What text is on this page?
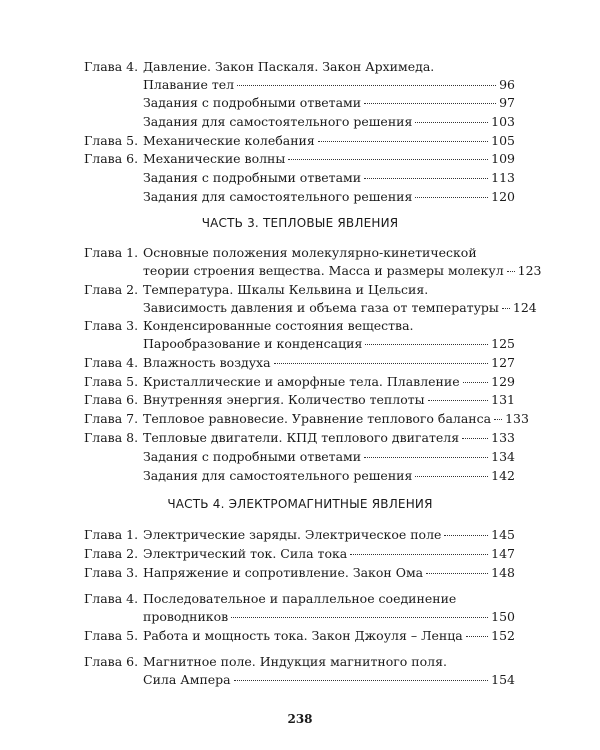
Глава 4. Давление. Закон Паскаля. Закон Архимеда.
Плавание тел	96
Задания с подробными ответами	97
Задания для самостоятельного решения	103
Глава 5. Механические колебания	105
Глава 6. Механические волны	109
Задания с подробными ответами	113
Задания для самостоятельного решения	120
ЧАСТЬ 3. ТЕПЛОВЫЕ ЯВЛЕНИЯ
Глава 1. Основные положения молекулярно-кинетической
теории строения вещества. Масса и размеры молекул 123
Глава 2. Температура. Шкалы Кельвина и Цельсия.
Зависимость давления и объема газа от температуры 124
Глава 3. Конденсированные состояния вещества.
Парообразование и конденсация	125
Глава 4. Влажность воздуха	127
Глава 5. Кристаллические и аморфные тела. Плавление	129
Глава 6. Внутренняя энергия. Количество теплоты	131
Глава 7. Тепловое равновесие. Уравнение теплового баланса 133
Глава 8. Тепловые двигатели. КПД теплового двигателя	133
Задания с подробными ответами	134
Задания для самостоятельного решения	142
ЧАСТЬ 4. ЭЛЕКТРОМАГНИТНЫЕ ЯВЛЕНИЯ
Глава 1. Электрические заряды. Электрическое поле	145
Глава 2. Электрический ток. Сила тока	147
Глава 3. Напряжение и сопротивление. Закон Ома	148
Глава 4. Последовательное и параллельное соединение
проводников	150
Глава 5. Работа и мощность тока. Закон Джоуля – Ленца 152
Глава 6. Магнитное поле. Индукция магнитного поля.
Сила Ампера	154
238
